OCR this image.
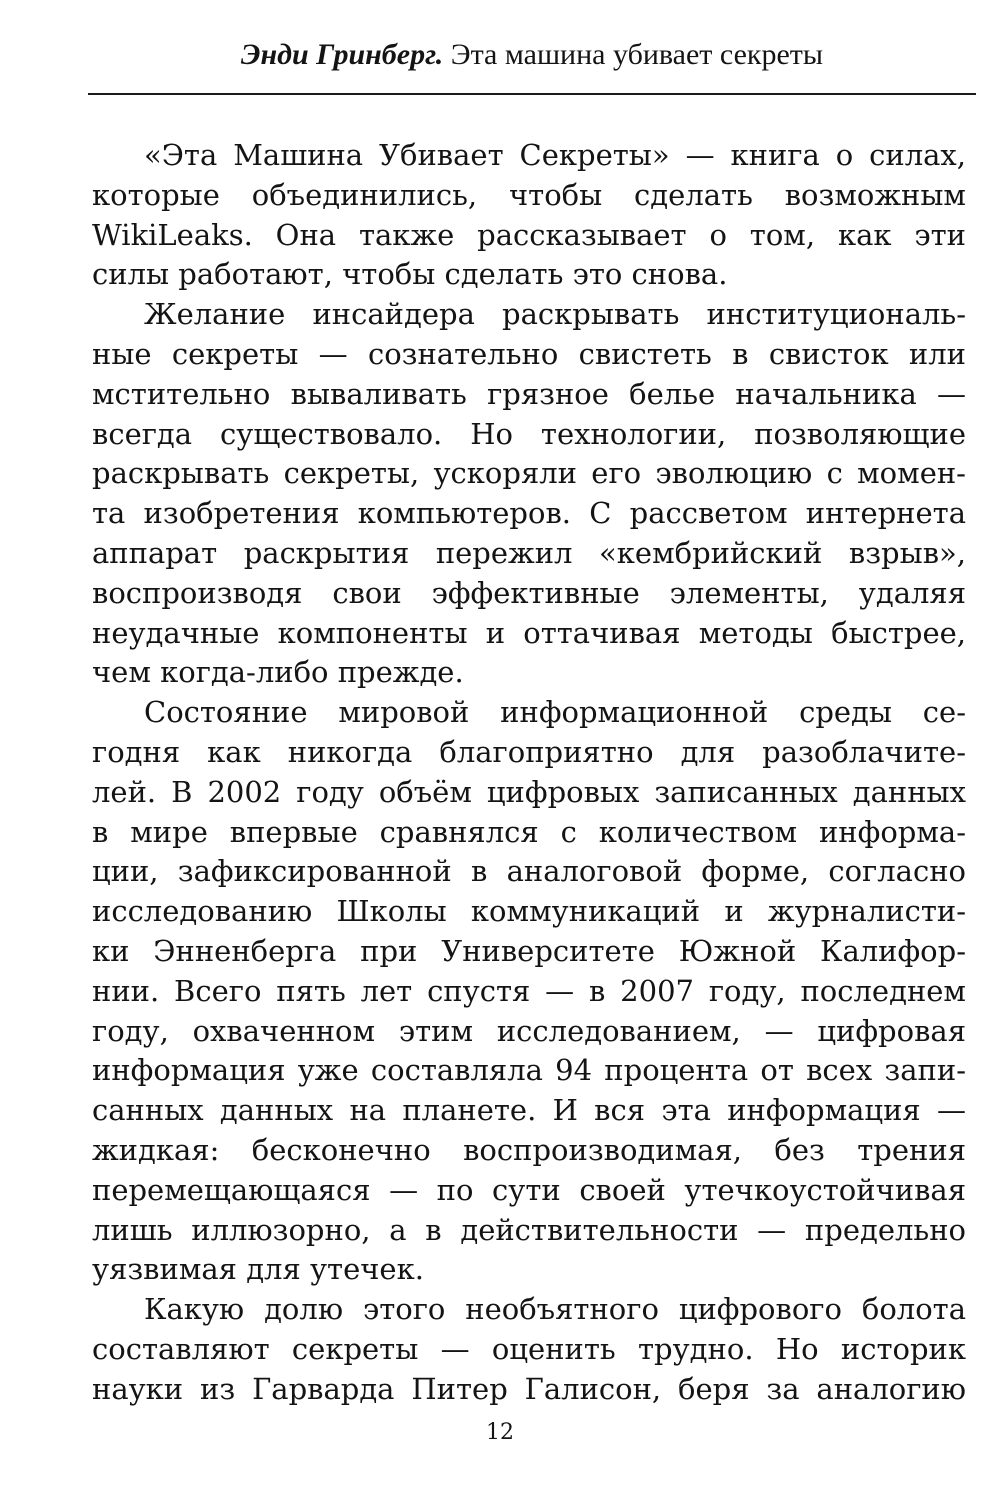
Энди Гринберг.
Эта машина убивает секреты
«Эта Машина Убивает Секреты» — книга о силах,
которые объединились, чтобы сделать возможным
WikiLeaks. Она также рассказывает о том, как эти
силы работают, чтобы сделать это снова.
Желание инсайдера раскрывать институциональ-
ные секреты — сознательно свистеть в свисток или
мстительно вываливать грязное белье начальника —
всегда существовало. Но технологии, позволяющие
раскрывать секреты, ускоряли его эволюцию с момен-
та изобретения компьютеров. С рассветом интернета
аппарат раскрытия пережил «кембрийский взрыв»,
воспроизводя свои эффективные элементы, удаляя
неудачные компоненты и оттачивая методы быстрее,
чем когда-либо прежде.
Состояние мировой информационной среды се-
годня как никогда благоприятно для разоблачите-
лей. В 2002 году объём цифровых записанных данных
в мире впервые сравнялся с количеством информа-
ции, зафиксированной в аналоговой форме, согласно
исследованию Школы коммуникаций и журналисти-
ки Энненберга при Университете Южной Калифор-
нии. Всего пять лет спустя — в 2007 году, последнем
году, охваченном этим исследованием, — цифровая
информация уже составляла 94 процента от всех запи-
санных данных на планете. И вся эта информация —
жидкая: бесконечно воспроизводимая, без трения
перемещающаяся — по сути своей утечкоустойчивая
лишь иллюзорно, а в действительности — предельно
уязвимая для утечек.
Какую долю этого необъятного цифрового болота
составляют секреты — оценить трудно. Но историк
науки из Гарварда Питер Галисон, беря за аналогию
12
